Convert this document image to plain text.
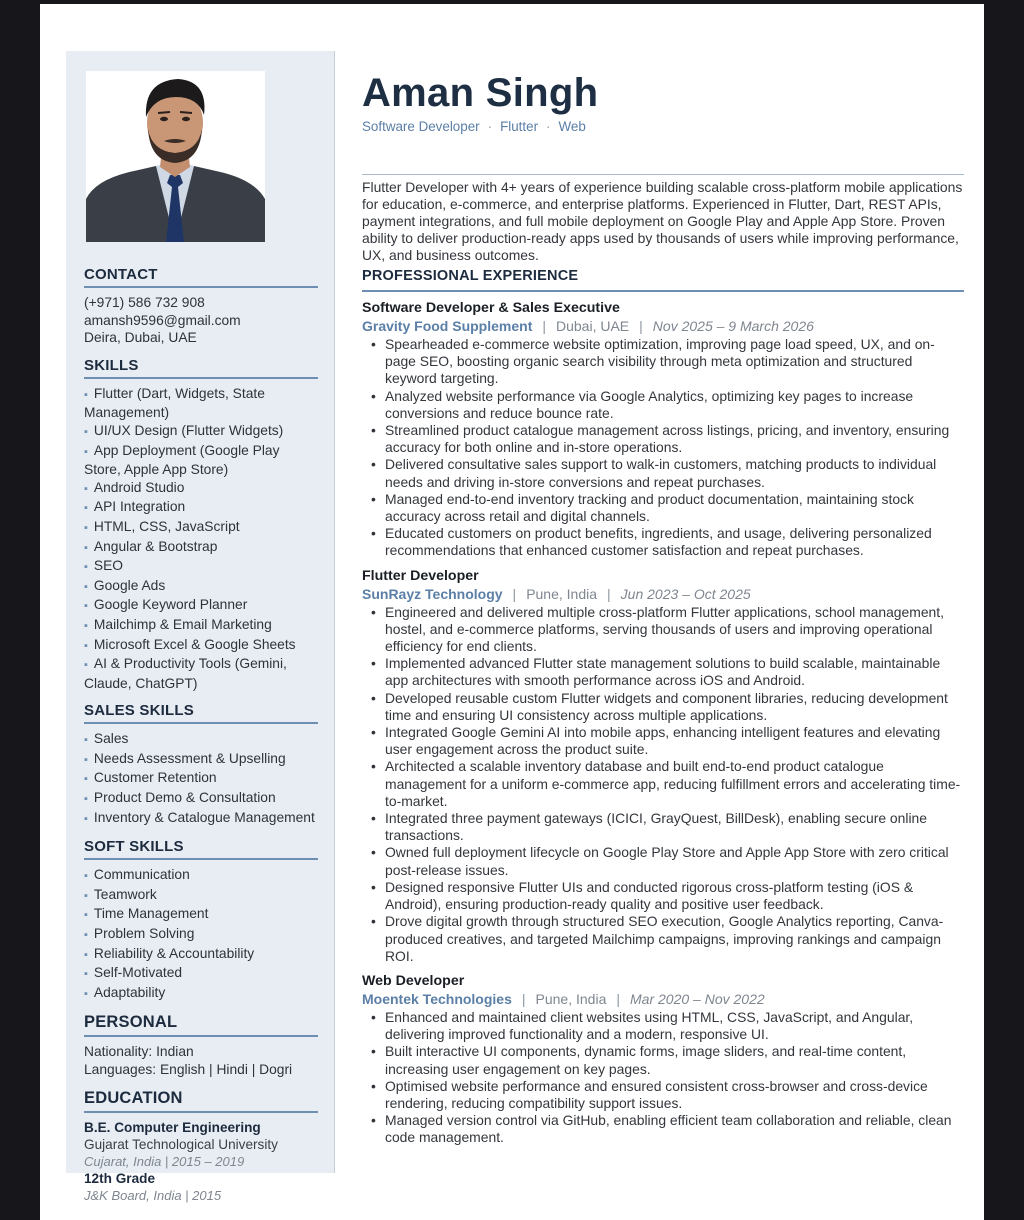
CONTACT
(+971) 586 732 908
amansh9596@gmail.com
Deira, Dubai, UAE
SKILLS
▪ Flutter (Dart, Widgets, State Management)
▪ UI/UX Design (Flutter Widgets)
▪ App Deployment (Google Play Store, Apple App Store)
▪ Android Studio
▪ API Integration
▪ HTML, CSS, JavaScript
▪ Angular & Bootstrap
▪ SEO
▪ Google Ads
▪ Google Keyword Planner
▪ Mailchimp & Email Marketing
▪ Microsoft Excel & Google Sheets
▪ AI & Productivity Tools (Gemini, Claude, ChatGPT)
SALES SKILLS
▪ Sales
▪ Needs Assessment & Upselling
▪ Customer Retention
▪ Product Demo & Consultation
▪ Inventory & Catalogue Management
SOFT SKILLS
▪ Communication
▪ Teamwork
▪ Time Management
▪ Problem Solving
▪ Reliability & Accountability
▪ Self-Motivated
▪ Adaptability
PERSONAL
Nationality: Indian
Languages: English | Hindi | Dogri
EDUCATION
B.E. Computer Engineering
Gujarat Technological University
Cujarat, India | 2015 – 2019
12th Grade
J&K Board, India | 2015
Aman Singh
Software Developer · Flutter · Web
Flutter Developer with 4+ years of experience building scalable cross-platform mobile applications for education, e-commerce, and enterprise platforms. Experienced in Flutter, Dart, REST APIs, payment integrations, and full mobile deployment on Google Play and Apple App Store. Proven ability to deliver production-ready apps used by thousands of users while improving performance, UX, and business outcomes.
PROFESSIONAL EXPERIENCE
Software Developer & Sales Executive
Gravity Food Supplement | Dubai, UAE | Nov 2025 – 9 March 2026
• Spearheaded e-commerce website optimization, improving page load speed, UX, and on-page SEO, boosting organic search visibility through meta optimization and structured keyword targeting.
• Analyzed website performance via Google Analytics, optimizing key pages to increase conversions and reduce bounce rate.
• Streamlined product catalogue management across listings, pricing, and inventory, ensuring accuracy for both online and in-store operations.
• Delivered consultative sales support to walk-in customers, matching products to individual needs and driving in-store conversions and repeat purchases.
• Managed end-to-end inventory tracking and product documentation, maintaining stock accuracy across retail and digital channels.
• Educated customers on product benefits, ingredients, and usage, delivering personalized recommendations that enhanced customer satisfaction and repeat purchases.
Flutter Developer
SunRayz Technology | Pune, India | Jun 2023 – Oct 2025
• Engineered and delivered multiple cross-platform Flutter applications, school management, hostel, and e-commerce platforms, serving thousands of users and improving operational efficiency for end clients.
• Implemented advanced Flutter state management solutions to build scalable, maintainable app architectures with smooth performance across iOS and Android.
• Developed reusable custom Flutter widgets and component libraries, reducing development time and ensuring UI consistency across multiple applications.
• Integrated Google Gemini AI into mobile apps, enhancing intelligent features and elevating user engagement across the product suite.
• Architected a scalable inventory database and built end-to-end product catalogue management for a uniform e-commerce app, reducing fulfillment errors and accelerating time-to-market.
• Integrated three payment gateways (ICICI, GrayQuest, BillDesk), enabling secure online transactions.
• Owned full deployment lifecycle on Google Play Store and Apple App Store with zero critical post-release issues.
• Designed responsive Flutter UIs and conducted rigorous cross-platform testing (iOS & Android), ensuring production-ready quality and positive user feedback.
• Drove digital growth through structured SEO execution, Google Analytics reporting, Canva-produced creatives, and targeted Mailchimp campaigns, improving rankings and campaign ROI.
Web Developer
Moentek Technologies | Pune, India | Mar 2020 – Nov 2022
• Enhanced and maintained client websites using HTML, CSS, JavaScript, and Angular, delivering improved functionality and a modern, responsive UI.
• Built interactive UI components, dynamic forms, image sliders, and real-time content, increasing user engagement on key pages.
• Optimised website performance and ensured consistent cross-browser and cross-device rendering, reducing compatibility support issues.
• Managed version control via GitHub, enabling efficient team collaboration and reliable, clean code management.
